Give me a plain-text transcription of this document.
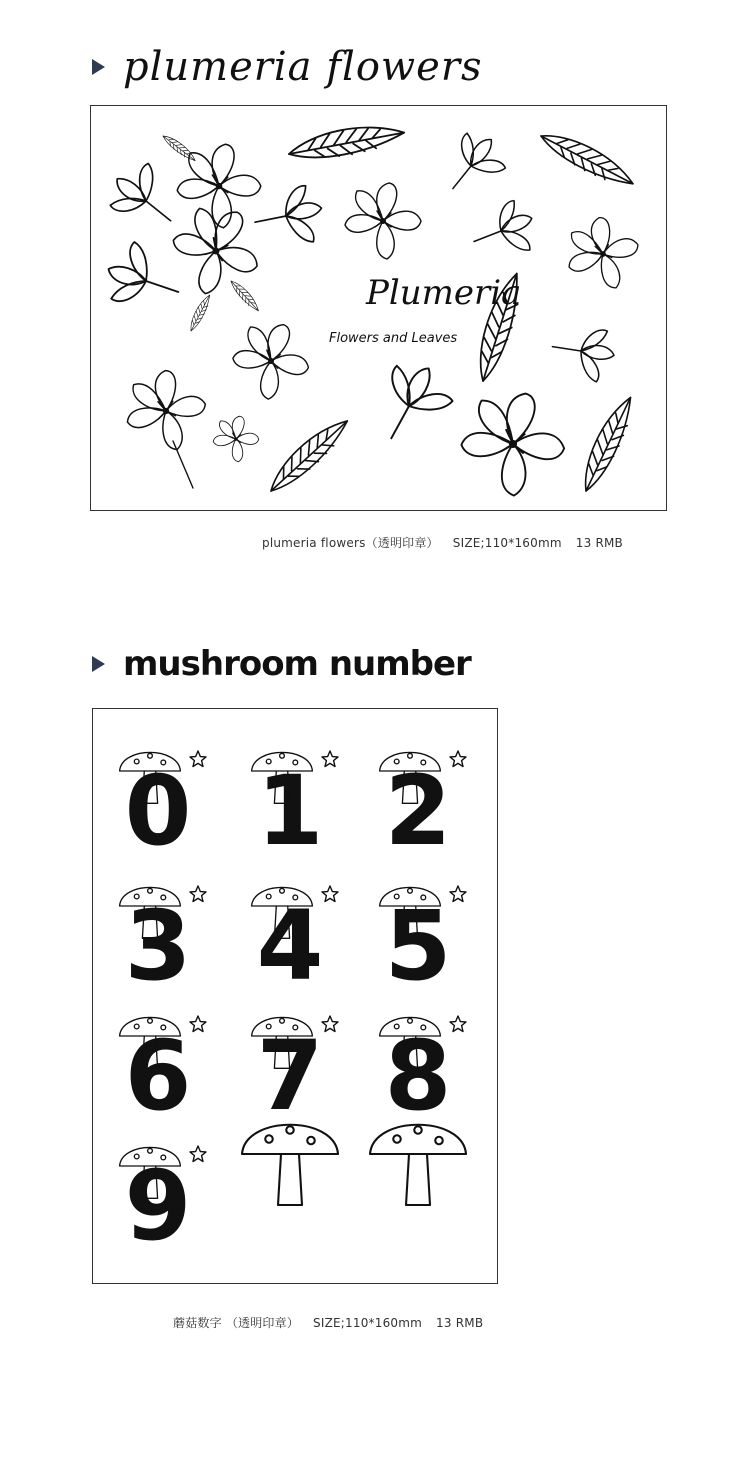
plumeria flowers
Plumeria
Flowers and Leaves
plumeria flowers（透明印章） SIZE;110*160mm 13 RMB
mushroom number
0 1 2
3 4 5
6 7 8
9
蘑菇数字 （透明印章） SIZE;110*160mm 13 RMB
